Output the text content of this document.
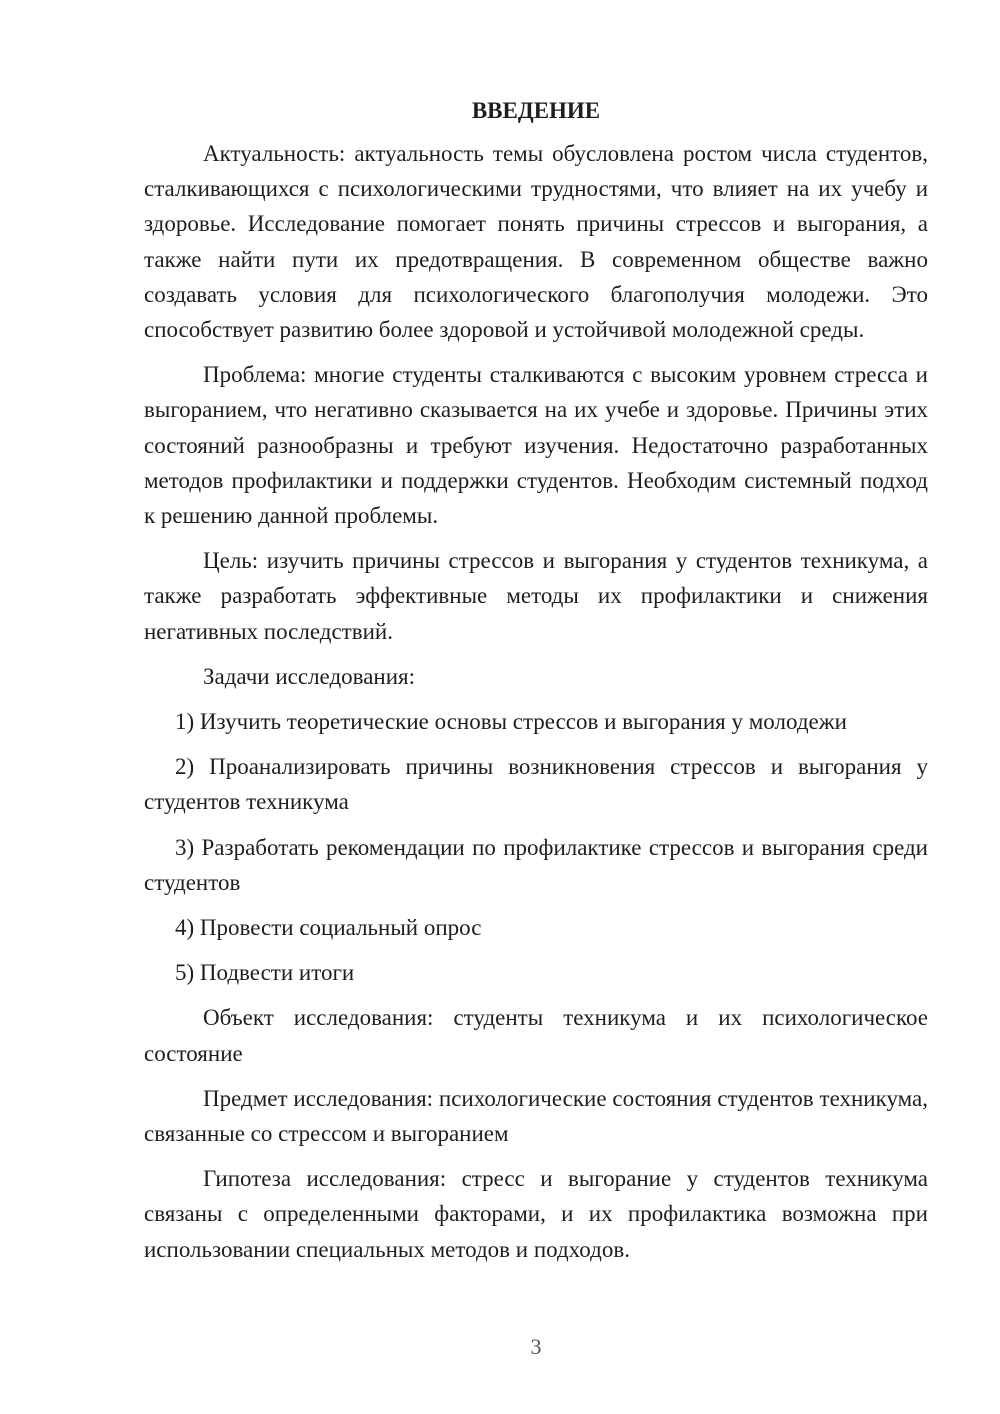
ВВЕДЕНИЕ

Актуальность: актуальность темы обусловлена ростом числа студентов, сталкивающихся с психологическими трудностями, что влияет на их учебу и здоровье. Исследование помогает понять причины стрессов и выгорания, а также найти пути их предотвращения. В современном обществе важно создавать условия для психологического благополучия молодежи. Это способствует развитию более здоровой и устойчивой молодежной среды.

Проблема: многие студенты сталкиваются с высоким уровнем стресса и выгоранием, что негативно сказывается на их учебе и здоровье. Причины этих состояний разнообразны и требуют изучения. Недостаточно разработанных методов профилактики и поддержки студентов. Необходим системный подход к решению данной проблемы.

Цель: изучить причины стрессов и выгорания у студентов техникума, а также разработать эффективные методы их профилактики и снижения негативных последствий.

Задачи исследования:

1) Изучить теоретические основы стрессов и выгорания у молодежи

2) Проанализировать причины возникновения стрессов и выгорания у студентов техникума

3) Разработать рекомендации по профилактике стрессов и выгорания среди студентов

4) Провести социальный опрос

5) Подвести итоги

Объект исследования: студенты техникума и их психологическое состояние

Предмет исследования: психологические состояния студентов техникума, связанные со стрессом и выгоранием

Гипотеза исследования: стресс и выгорание у студентов техникума связаны с определенными факторами, и их профилактика возможна при использовании специальных методов и подходов.

3
